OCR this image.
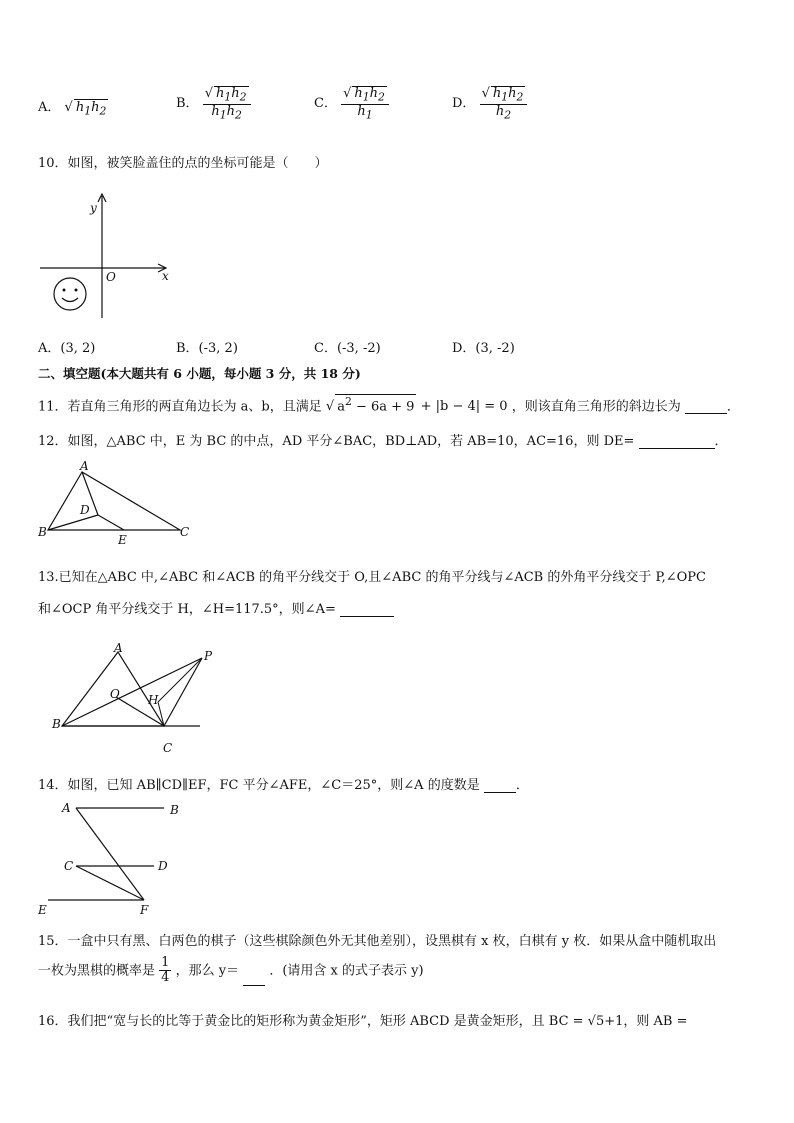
A． √ $h_1h_2$
B． $\frac{√ h_1h_2}{h_1h_2}$	C． $\frac{√ h_1h_2}{h_1}$	D． $\frac{√ h_1h_2}{h_2}$
10．如图，被笑脸盖住的点的坐标可能是（　　）
y
x
O
A．(3, 2)	B．(-3, 2)	C．(-3, -2)	D．(3, -2)
二、填空题(本大题共有 6 小题，每小题 3 分，共 18 分)
11．若直角三角形的两直角边长为 a、b，且满足 √ $a^2 - 6a + 9 + |b - 4| = 0$ ，则该直角三角形的斜边长为	．
12．如图，△ABC 中，E 为 BC 的中点，AD 平分∠BAC，BD⊥AD，若 AB=10，AC=16，则 DE=	．
A
B	C
D
E
13.已知在△ABC 中,∠ABC 和∠ACB 的角平分线交于 O,且∠ABC 的角平分线与∠ACB 的外角平分线交于 P,∠OPC
和∠OCP 角平分线交于 H，∠H=117.5°，则∠A=
A
B
C
O H
P
14．如图，已知 AB∥CD∥EF，FC 平分∠AFE，∠C＝25°，则∠A 的度数是	．
A	B
C	D
E	F
15．一盒中只有黑、白两色的棋子（这些棋除颜色外无其他差别），设黑棋有 x 枚，白棋有 y 枚．如果从盒中随机取出
一枚为黑棋的概率是 $\frac{1}{4}$ ，那么 y＝ ．(请用含 x 的式子表示 y)
16．我们把“宽与长的比等于黄金比的矩形称为黄金矩形”，矩形 ABCD 是黄金矩形，且 BC = √5+1，则 AB =
